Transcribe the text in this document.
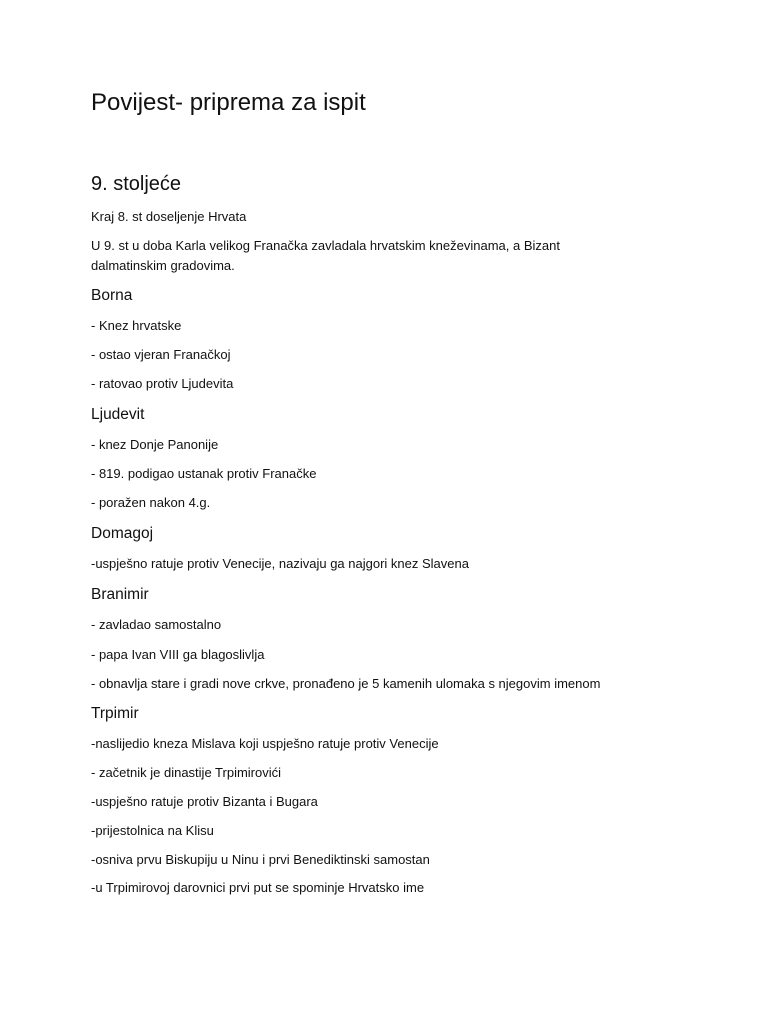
Povijest- priprema za ispit
9. stoljeće
Kraj 8. st doseljenje Hrvata
U 9. st u doba Karla velikog Franačka zavladala hrvatskim kneževinama, a Bizant dalmatinskim gradovima.
Borna
- Knez hrvatske
- ostao vjeran Franačkoj
- ratovao protiv Ljudevita
Ljudevit
- knez Donje Panonije
- 819. podigao ustanak protiv Franačke
- poražen nakon 4.g.
Domagoj
-uspješno ratuje protiv Venecije, nazivaju ga najgori knez Slavena
Branimir
- zavladao samostalno
- papa Ivan VIII ga blagoslivlja
- obnavlja stare i gradi nove crkve, pronađeno je 5 kamenih ulomaka s njegovim imenom
Trpimir
-naslijedio kneza Mislava koji uspješno ratuje protiv Venecije
- začetnik je dinastije Trpimirovići
-uspješno ratuje protiv Bizanta i Bugara
-prijestolnica na Klisu
-osniva prvu Biskupiju u Ninu i prvi Benediktinski samostan
-u Trpimirovoj darovnici prvi put se spominje Hrvatsko ime
